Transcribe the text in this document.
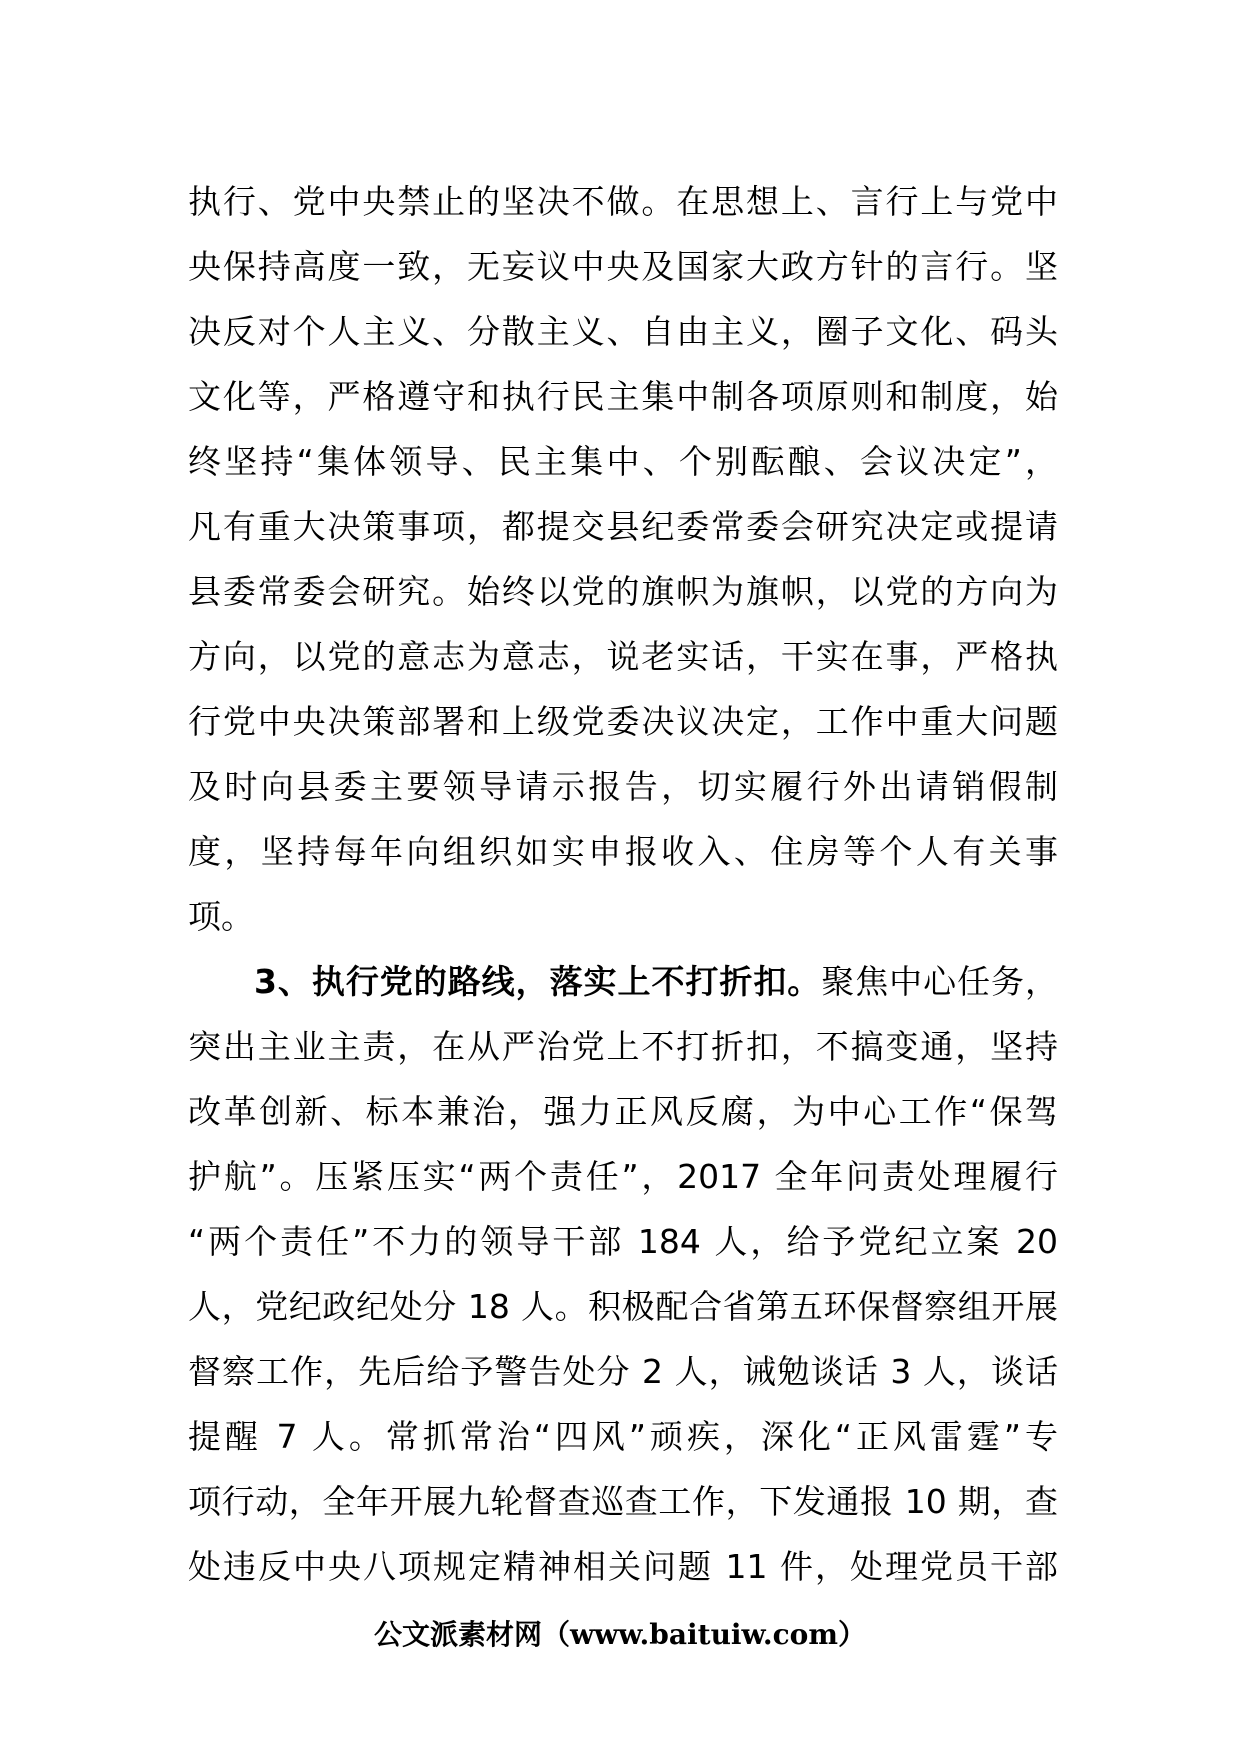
执行、党中央禁止的坚决不做。在思想上、言行上与党中
央保持高度一致，无妄议中央及国家大政方针的言行。坚
决反对个人主义、分散主义、自由主义，圈子文化、码头
文化等，严格遵守和执行民主集中制各项原则和制度，始
终坚持“集体领导、民主集中、个别酝酿、会议决定”，
凡有重大决策事项，都提交县纪委常委会研究决定或提请
县委常委会研究。始终以党的旗帜为旗帜，以党的方向为
方向，以党的意志为意志，说老实话，干实在事，严格执
行党中央决策部署和上级党委决议决定，工作中重大问题
及时向县委主要领导请示报告，切实履行外出请销假制
度，坚持每年向组织如实申报收入、住房等个人有关事
项。
3、执行党的路线，落实上不打折扣。聚焦中心任务，
突出主业主责，在从严治党上不打折扣，不搞变通，坚持
改革创新、标本兼治，强力正风反腐，为中心工作“保驾
护航”。压紧压实“两个责任”，2017 全年问责处理履行
“两个责任”不力的领导干部 184 人，给予党纪立案 20
人，党纪政纪处分 18 人。积极配合省第五环保督察组开展
督察工作，先后给予警告处分 2 人，诫勉谈话 3 人，谈话
提醒 7 人。常抓常治“四风”顽疾，深化“正风雷霆”专
项行动，全年开展九轮督查巡查工作，下发通报 10 期，查
处违反中央八项规定精神相关问题 11 件，处理党员干部
公文派素材网（www.baituiw.com）
